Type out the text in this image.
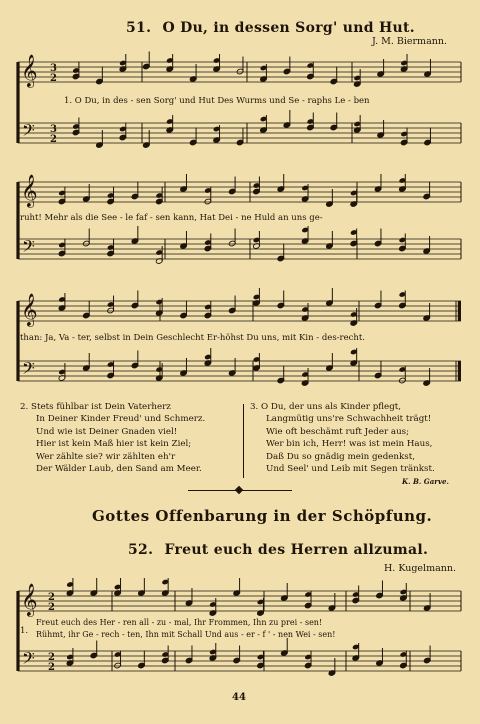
51. O Du, in dessen Sorg' und Hut.
J. M. Biermann.
𝄞
𝄢
3
2
3
2
𝄞
𝄢
𝄞
𝄢
𝄞
𝄢
2
2
2
2
1. O Du, in des - sen Sorg' und Hut Des Wurms und Se - raphs Le - ben
ruht! Mehr als die See - le faf - sen kann, Hat Dei - ne Huld an uns ge-
than: Ja, Va - ter, selbst in Dein Geschlecht Er-höhst Du uns, mit Kin - des-recht.
2. Stets fühlbar ist Dein Vaterherz
In Deiner Kinder Freud' und Schmerz.
Und wie ist Deiner Gnaden viel!
Hier ist kein Maß hier ist kein Ziel;
Wer zählte sie? wir zählten eh'r
Der Wälder Laub, den Sand am Meer.
3. O Du, der uns als Kinder pflegt,
Langmütig uns're Schwachheit trägt!
Wie oft beschämt ruft Jeder aus;
Wer bin ich, Herr! was ist mein Haus,
Daß Du so gnädig mein gedenkst,
Und Seel' und Leib mit Segen tränkst.
K. B. Garve.
Gottes Offenbarung in der Schöpfung.
52. Freut euch des Herren allzumal.
H. Kugelmann.
1.
Freut euch des Her - ren all - zu - mal, Ihr Frommen, Ihn zu prei - sen!
Rühmt, ihr Ge - rech - ten, Ihn mit Schall Und aus - er - f ' - nen Wei - sen!
44
